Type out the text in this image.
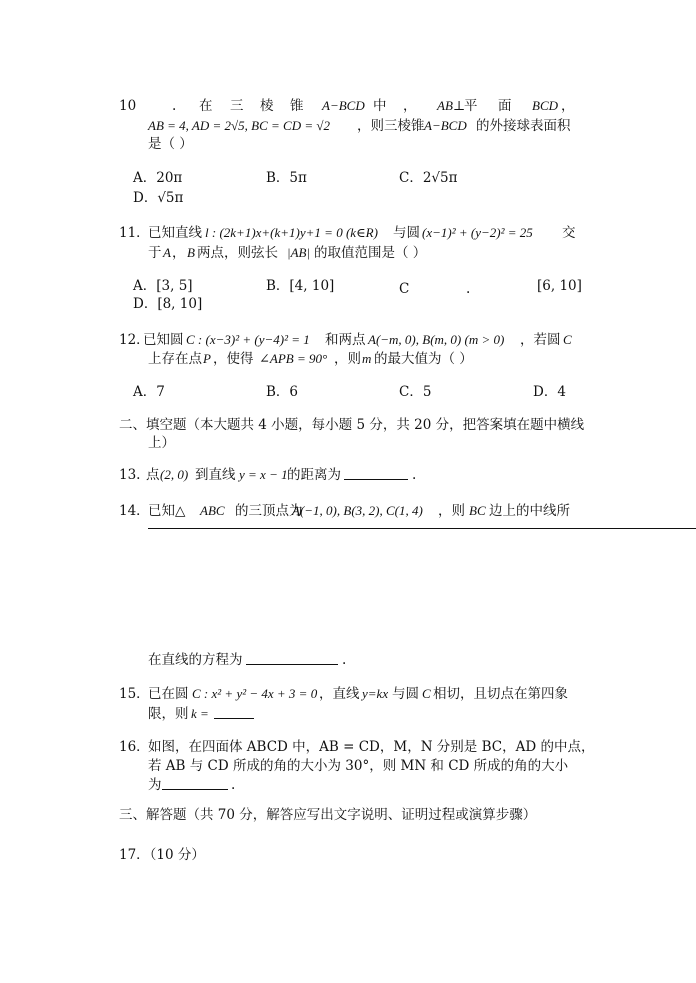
10	. 在 三 棱 锥 A−BCD 中 ， AB⊥
平 面 BCD ，
AB = 4, AD = 2√5, BC = CD = √2 ，则三棱锥 A−BCD 的外接球表面积
是（ ）
A．20π	B．5π	C．2√5π
D．√5π
11．
已知直线 l : (2k+1)x+(k+1)y+1 = 0 (k∈R) 与圆 (x−1)² + (y−2)² = 25 交
于 A ， B 两点，则弦长 |AB| 的取值范围是（ ）
A．[3, 5]	B．[4, 10]	C	.	[6, 10]
D．[8, 10]
12．
已知圆 C : (x−3)² + (y−4)² = 1 和两点 A(−m, 0), B(m, 0) (m > 0) ，若圆 C
上存在点 P ，使得 ∠APB = 90° ，则 m 的最大值为（ ）
A．7	B．6	C．5	D．4
二、填空题（本大题共 4 小题，每小题 5 分，共 20 分，把答案填在题中横线
上）
13. 点 (2, 0) 到直线 y = x − 1 的距离为	.
14．
已知△ ABC 的三顶点为
A(−1, 0), B(3, 2), C(1, 4) ，则 BC 边上的中线所
在直线的方程为	.
15．
已在圆 C : x² + y² − 4x + 3 = 0 ，直线 y=kx 与圆 C 相切，且切点在第四象
限，则 k =
16．
如图，在四面体 ABCD 中，AB = CD，M，N 分别是 BC，AD 的中点，
若 AB 与 CD 所成的角的大小为 30°，则 MN 和 CD 所成的角的大小
为	.
三、解答题（共 70 分，解答应写出文字说明、证明过程或演算步骤）
17．（10 分）
